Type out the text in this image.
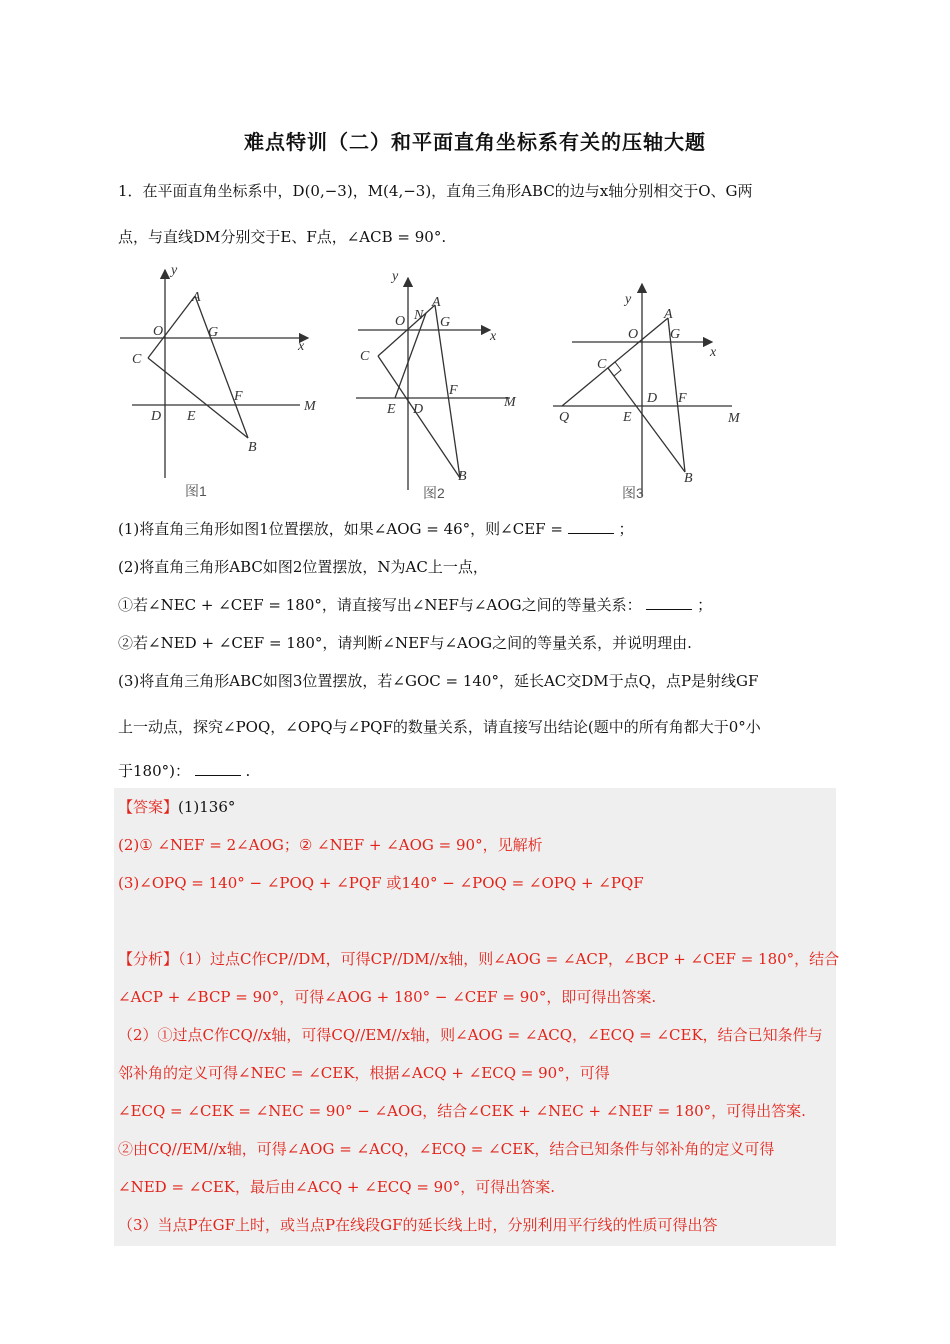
难点特训（二）和平面直角坐标系有关的压轴大题
1．在平面直角坐标系中，D(0,−3)，M(4,−3)，直角三角形ABC的边与x轴分别相交于O、G两
点，与直线DM分别交于E、F点，∠ACB = 90°.
y
x
A
O	G
C
F
M
D E
B
y
x
O N
A
G
C
F
E D	M
B
y
x
A
O G
C
D F
Q	E	M
B
图1	图2	图3
(1)将直角三角形如图1位置摆放，如果∠AOG = 46°，则∠CEF =	；
(2)将直角三角形ABC如图2位置摆放，N为AC上一点，
①若∠NEC + ∠CEF = 180°，请直接写出∠NEF与∠AOG之间的等量关系：	；
②若∠NED + ∠CEF = 180°，请判断∠NEF与∠AOG之间的等量关系，并说明理由.
(3)将直角三角形ABC如图3位置摆放，若∠GOC = 140°，延长AC交DM于点Q，点P是射线GF
上一动点，探究∠POQ，∠OPQ与∠PQF的数量关系，请直接写出结论(题中的所有角都大于0°小
于180°)：	.
【答案】(1)136°
(2)① ∠NEF = 2∠AOG；② ∠NEF + ∠AOG = 90°，见解析
(3)∠OPQ = 140° − ∠POQ + ∠PQF 或140° − ∠POQ = ∠OPQ + ∠PQF
【分析】（1）过点C作CP//DM，可得CP//DM//x轴，则∠AOG = ∠ACP，∠BCP + ∠CEF = 180°，结合
∠ACP + ∠BCP = 90°，可得∠AOG + 180° − ∠CEF = 90°，即可得出答案.
（2）①过点C作CQ//x轴，可得CQ//EM//x轴，则∠AOG = ∠ACQ，∠ECQ = ∠CEK，结合已知条件与
邻补角的定义可得∠NEC = ∠CEK，根据∠ACQ + ∠ECQ = 90°，可得
∠ECQ = ∠CEK = ∠NEC = 90° − ∠AOG，结合∠CEK + ∠NEC + ∠NEF = 180°，可得出答案.
②由CQ//EM//x轴，可得∠AOG = ∠ACQ，∠ECQ = ∠CEK，结合已知条件与邻补角的定义可得
∠NED = ∠CEK，最后由∠ACQ + ∠ECQ = 90°，可得出答案.
（3）当点P在GF上时，或当点P在线段GF的延长线上时，分别利用平行线的性质可得出答
